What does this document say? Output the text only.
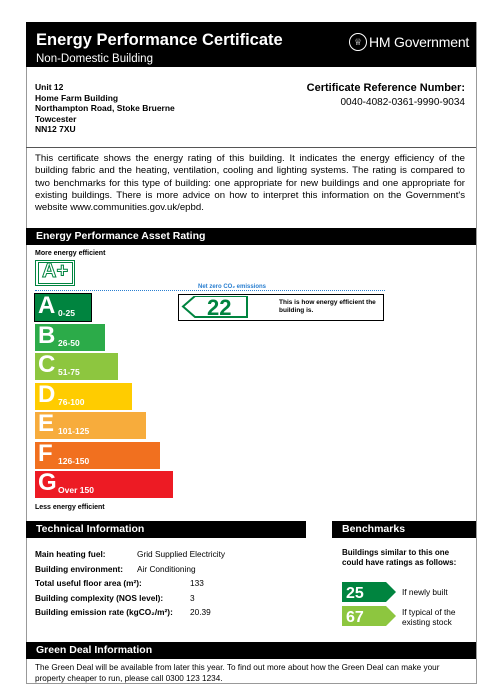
Energy Performance Certificate
Non-Domestic Building
♕ HM Government
Unit 12
Home Farm Building
Northampton Road, Stoke Bruerne
Towcester
NN12 7XU
Certificate Reference Number:
0040-4082-0361-9990-9034
This certificate shows the energy rating of this building. It indicates the energy efficiency of the building fabric and the heating, ventilation, cooling and lighting systems. The rating is compared to two benchmarks for this type of building: one appropriate for new buildings and one appropriate for existing buildings. There is more advice on how to interpret this information on the Government's website www.communities.gov.uk/epbd.
Energy Performance Asset Rating
More energy efficient
A+
Net zero CO₂ emissions
A 0-25
B 26-50
C 51-75
D 76-100
E 101-125
F 126-150
G Over 150
22	This is how energy efficient the building is.
Less energy efficient
Technical Information
Main heating fuel:	Grid Supplied Electricity
Building environment: Air Conditioning
Total useful floor area (m²):	133
Building complexity (NOS level):	3
Building emission rate (kgCO₂/m²): 20.39
Benchmarks
Buildings similar to this one could have ratings as follows:
25	If newly built
67	If typical of the existing stock
Green Deal Information
The Green Deal will be available from later this year. To find out more about how the Green Deal can make your property cheaper to run, please call 0300 123 1234.
